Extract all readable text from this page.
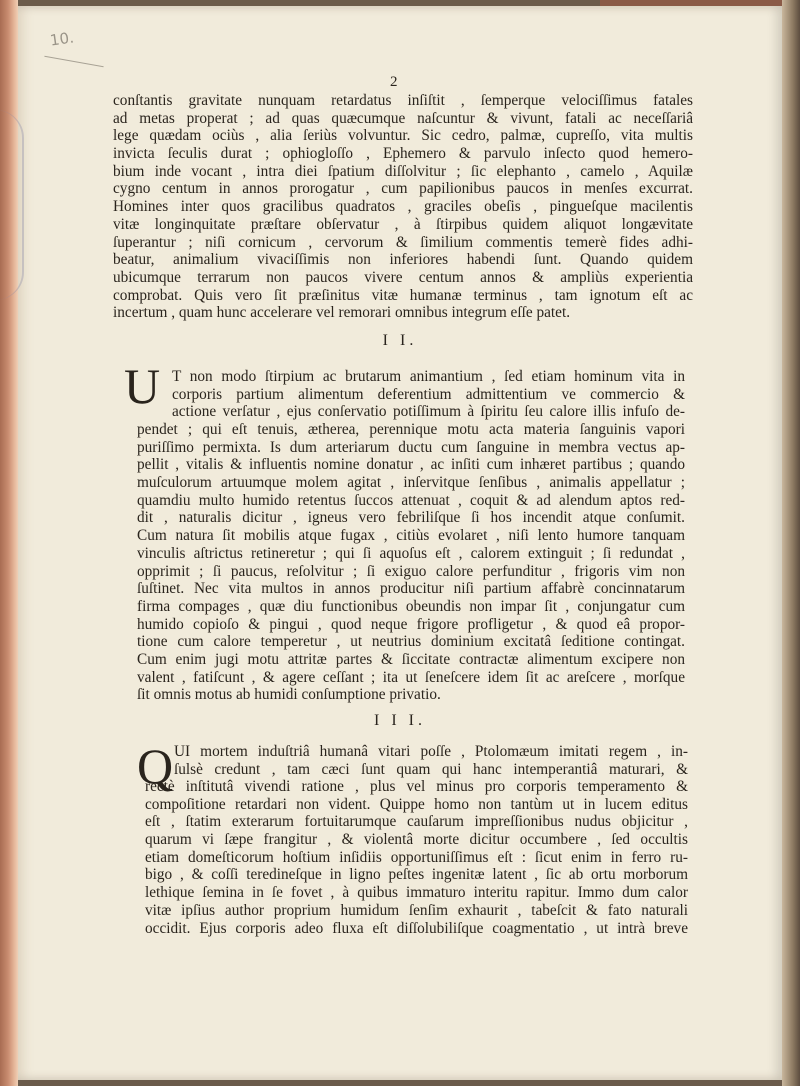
10.
2
conſtantis gravitate nunquam retardatus inſiſtit , ſemperque velociſſimus fatales
ad metas properat ; ad quas quæcumque naſcuntur & vivunt, fatali ac neceſſariâ
lege quædam ociùs , alia ſeriùs volvuntur. Sic cedro, palmæ, cupreſſo, vita multis
invicta ſeculis durat ; ophiogloſſo , Ephemero & parvulo inſecto quod hemero-
bium inde vocant , intra diei ſpatium diſſolvitur ; ſic elephanto , camelo , Aquilæ
cygno centum in annos prorogatur , cum papilionibus paucos in menſes excurrat.
Homines inter quos gracilibus quadratos , graciles obeſis , pingueſque macilentis
vitæ longinquitate præſtare obſervatur , à ſtirpibus quidem aliquot longævitate
ſuperantur ; niſi cornicum , cervorum & ſimilium commentis temerè fides adhi-
beatur, animalium vivaciſſimis non inferiores habendi ſunt. Quando quidem
ubicumque terrarum non paucos vivere centum annos & ampliùs experientia
comprobat. Quis vero ſit præſinitus vitæ humanæ terminus , tam ignotum eſt ac
incertum , quam hunc accelerare vel remorari omnibus integrum eſſe patet.
I I.
U T non modo ſtirpium ac brutarum animantium , ſed etiam hominum vita in
corporis partium alimentum deferentium admittentium ve commercio &
actione verſatur , ejus conſervatio potiſſimum à ſpiritu ſeu calore illis infuſo de-
pendet ; qui eſt tenuis, ætherea, perennique motu acta materia ſanguinis vapori
puriſſimo permixta. Is dum arteriarum ductu cum ſanguine in membra vectus ap-
pellit , vitalis & influentis nomine donatur , ac inſiti cum inhæret partibus ; quando
muſculorum artuumque molem agitat , inſervitque ſenſibus , animalis appellatur ;
quamdiu multo humido retentus ſuccos attenuat , coquit & ad alendum aptos red-
dit , naturalis dicitur , igneus vero febriliſque ſi hos incendit atque conſumit.
Cum natura ſit mobilis atque fugax , citiùs evolaret , niſi lento humore tanquam
vinculis aſtrictus retineretur ; qui ſi aquoſus eſt , calorem extinguit ; ſi redundat ,
opprimit ; ſi paucus, reſolvitur ; ſi exiguo calore perfunditur , frigoris vim non
ſuſtinet. Nec vita multos in annos producitur niſi partium affabrè concinnatarum
firma compages , quæ diu functionibus obeundis non impar ſit , conjungatur cum
humido copioſo & pingui , quod neque frigore profligetur , & quod eâ propor-
tione cum calore temperetur , ut neutrius dominium excitatâ ſeditione contingat.
Cum enim jugi motu attritæ partes & ſiccitate contractæ alimentum excipere non
valent , fatiſcunt , & agere ceſſant ; ita ut ſeneſcere idem ſit ac areſcere , morſque
ſit omnis motus ab humidi conſumptione privatio.
I I I.
Q UI mortem induſtriâ humanâ vitari poſſe , Ptolomæum imitati regem , in-
ſulsè credunt , tam cæci ſunt quam qui hanc intemperantiâ maturari, &
rectè inſtitutâ vivendi ratione , plus vel minus pro corporis temperamento &
compoſitione retardari non vident. Quippe homo non tantùm ut in lucem editus
eſt , ſtatim exterarum fortuitarumque cauſarum impreſſionibus nudus objicitur ,
quarum vi ſæpe frangitur , & violentâ morte dicitur occumbere , ſed occultis
etiam domeſticorum hoſtium inſidiis opportuniſſimus eſt : ſicut enim in ferro ru-
bigo , & coſſi teredineſque in ligno peſtes ingenitæ latent , ſic ab ortu morborum
lethique ſemina in ſe fovet , à quibus immaturo interitu rapitur. Immo dum calor
vitæ ipſius author proprium humidum ſenſim exhaurit , tabeſcit & fato naturali
occidit. Ejus corporis adeo fluxa eſt diſſolubiliſque coagmentatio , ut intrà breve
